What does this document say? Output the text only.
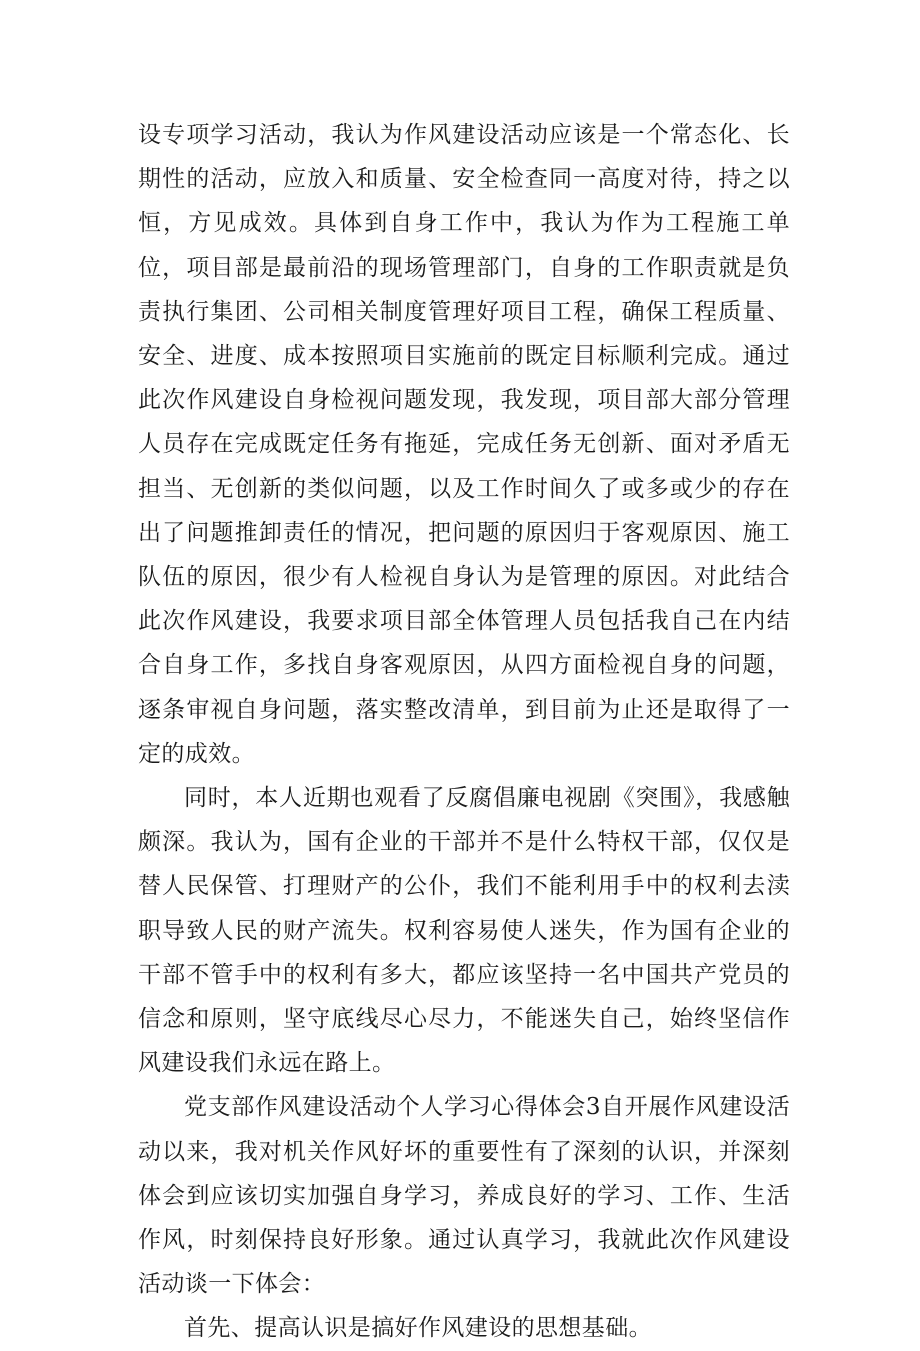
设专项学习活动，我认为作风建设活动应该是一个常态化、长期性的活动，应放入和质量、安全检查同一高度对待，持之以恒，方见成效。具体到自身工作中，我认为作为工程施工单位，项目部是最前沿的现场管理部门，自身的工作职责就是负责执行集团、公司相关制度管理好项目工程，确保工程质量、安全、进度、成本按照项目实施前的既定目标顺利完成。通过此次作风建设自身检视问题发现，我发现，项目部大部分管理人员存在完成既定任务有拖延，完成任务无创新、面对矛盾无担当、无创新的类似问题，以及工作时间久了或多或少的存在出了问题推卸责任的情况，把问题的原因归于客观原因、施工队伍的原因，很少有人检视自身认为是管理的原因。对此结合此次作风建设，我要求项目部全体管理人员包括我自己在内结合自身工作，多找自身客观原因，从四方面检视自身的问题，逐条审视自身问题，落实整改清单，到目前为止还是取得了一定的成效。

同时，本人近期也观看了反腐倡廉电视剧《突围》，我感触颇深。我认为，国有企业的干部并不是什么特权干部，仅仅是替人民保管、打理财产的公仆，我们不能利用手中的权利去渎职导致人民的财产流失。权利容易使人迷失，作为国有企业的干部不管手中的权利有多大，都应该坚持一名中国共产党员的信念和原则，坚守底线尽心尽力，不能迷失自己，始终坚信作风建设我们永远在路上。

党支部作风建设活动个人学习心得体会3自开展作风建设活动以来，我对机关作风好坏的重要性有了深刻的认识，并深刻体会到应该切实加强自身学习，养成良好的学习、工作、生活作风，时刻保持良好形象。通过认真学习，我就此次作风建设活动谈一下体会：

首先、提高认识是搞好作风建设的思想基础。
